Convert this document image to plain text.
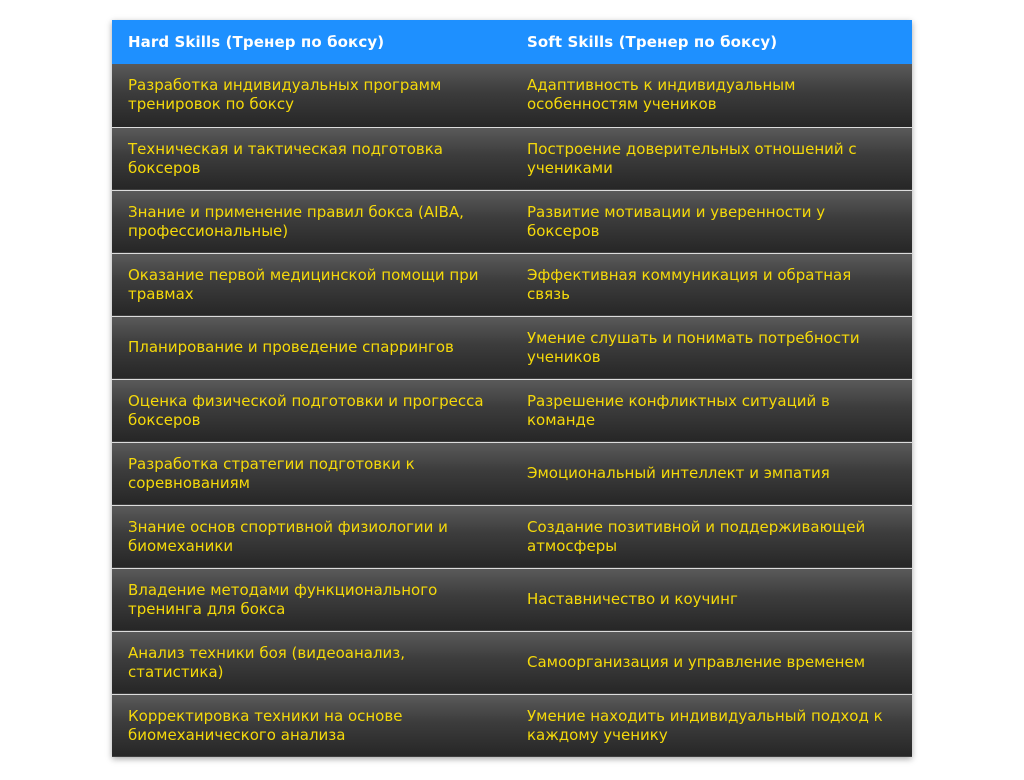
Hard Skills (Тренер по боксу)	Soft Skills (Тренер по боксу)
Разработка индивидуальных программ тренировок по боксу	Адаптивность к индивидуальным особенностям учеников
Техническая и тактическая подготовка боксеров	Построение доверительных отношений с учениками
Знание и применение правил бокса (AIBA, профессиональные)	Развитие мотивации и уверенности у боксеров
Оказание первой медицинской помощи при травмах	Эффективная коммуникация и обратная связь
Планирование и проведение спаррингов	Умение слушать и понимать потребности учеников
Оценка физической подготовки и прогресса боксеров	Разрешение конфликтных ситуаций в команде
Разработка стратегии подготовки к соревнованиям	Эмоциональный интеллект и эмпатия
Знание основ спортивной физиологии и биомеханики	Создание позитивной и поддерживающей атмосферы
Владение методами функционального тренинга для бокса	Наставничество и коучинг
Анализ техники боя (видеоанализ, статистика)	Самоорганизация и управление временем
Корректировка техники на основе биомеханического анализа	Умение находить индивидуальный подход к каждому ученику
